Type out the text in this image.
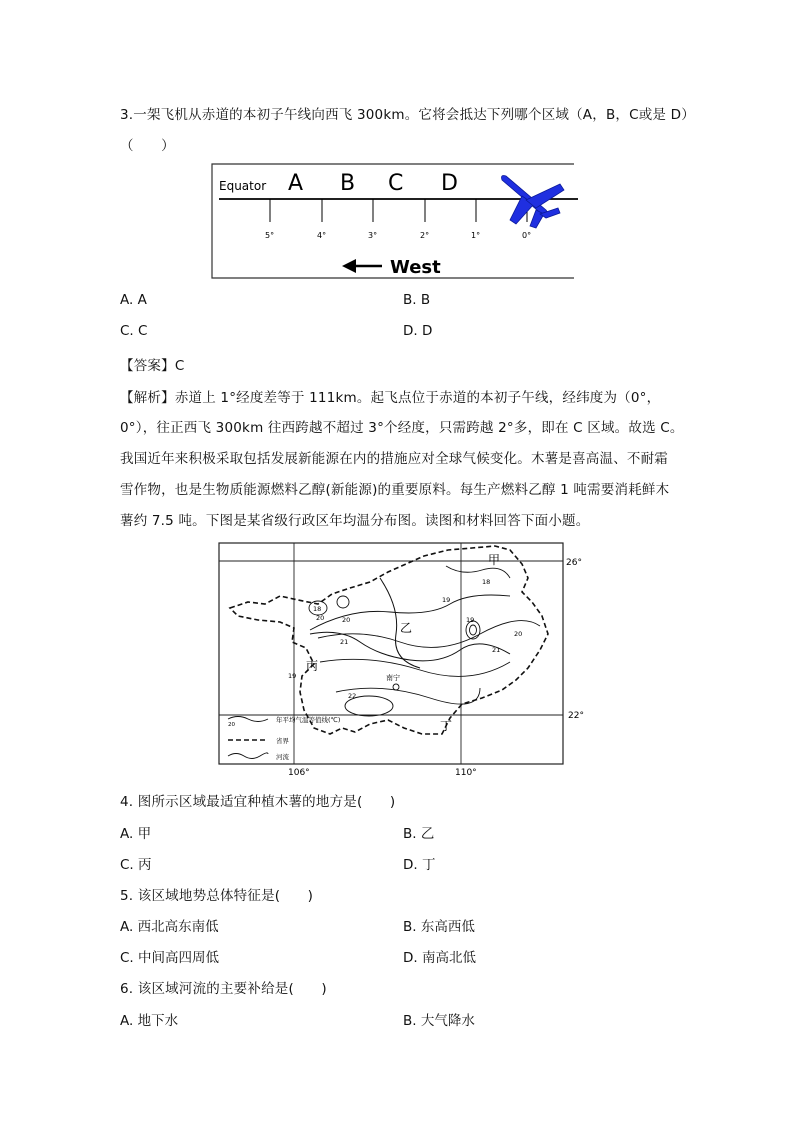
3.一架飞机从赤道的本初子午线向西飞 300km。它将会抵达下列哪个区域（A，B，C或是 D）
（　　）
Equator A B C D
5°	4°	3°	2°	1°	0°
West
A. A	B. B
C. C	D. D
【答案】C
【解析】赤道上 1°经度差等于 111km。起飞点位于赤道的本初子午线，经纬度为（0°，
0°），往正西飞 300km 往西跨越不超过 3°个经度，只需跨越 2°多，即在 C 区域。故选 C。
我国近年来积极采取包括发展新能源在内的措施应对全球气候变化。木薯是喜高温、不耐霜
雪作物，也是生物质能源燃料乙醇(新能源)的重要原料。每生产燃料乙醇 1 吨需要消耗鲜木
薯约 7.5 吨。下图是某省级行政区年均温分布图。读图和材料回答下面小题。
26°
22°
106°	110°
18
19
20
21
22
19
20
21
19
20
18
甲
乙
丙
丁
南宁
20
年平均气温等值线(℃)
省界
河流
4. 图所示区域最适宜种植木薯的地方是(　　)
A. 甲	B. 乙
C. 丙	D. 丁
5. 该区域地势总体特征是(　　)
A. 西北高东南低	B. 东高西低
C. 中间高四周低	D. 南高北低
6. 该区域河流的主要补给是(　　)
A. 地下水	B. 大气降水
